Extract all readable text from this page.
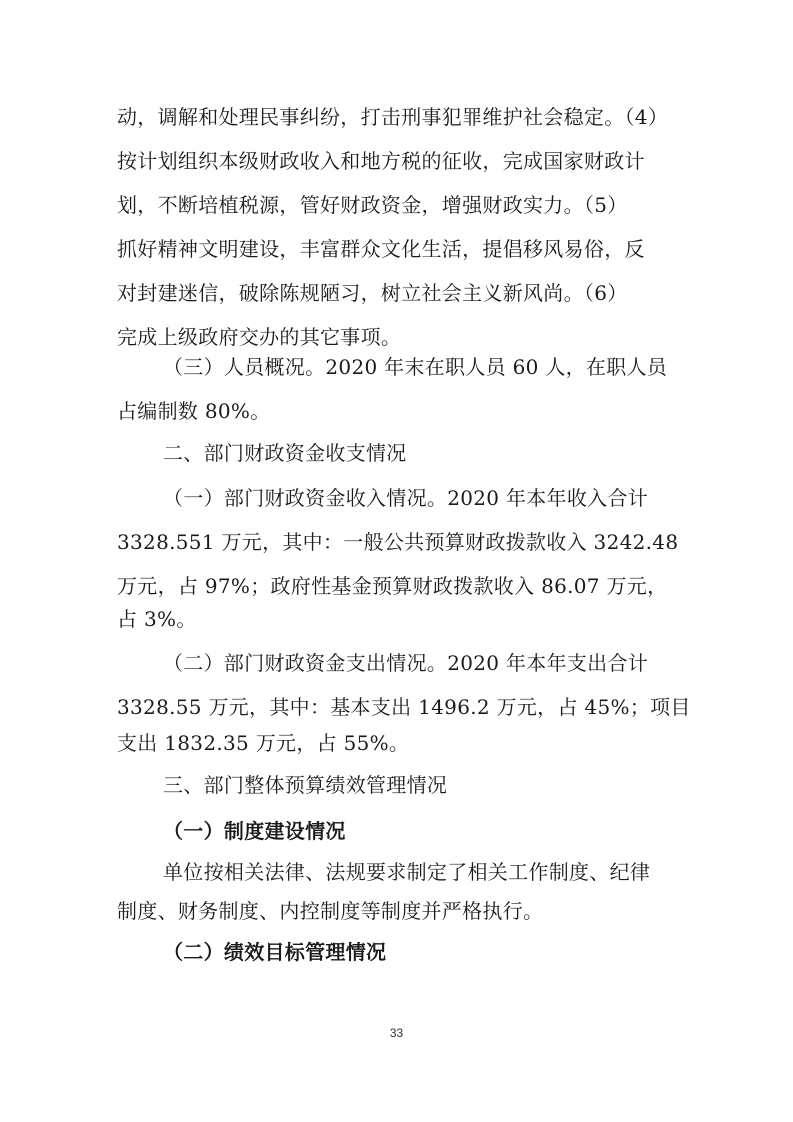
动，调解和处理民事纠纷，打击刑事犯罪维护社会稳定。（4）
按计划组织本级财政收入和地方税的征收，完成国家财政计
划，不断培植税源，管好财政资金，增强财政实力。（5）
抓好精神文明建设，丰富群众文化生活，提倡移风易俗，反
对封建迷信，破除陈规陋习，树立社会主义新风尚。（6）
完成上级政府交办的其它事项。
（三）人员概况。2020 年末在职人员 60 人，在职人员
占编制数 80%。
二、部门财政资金收支情况
（一）部门财政资金收入情况。2020 年本年收入合计
3328.551 万元，其中：一般公共预算财政拨款收入 3242.48
万元，占 97%；政府性基金预算财政拨款收入 86.07 万元，
占 3%。
（二）部门财政资金支出情况。2020 年本年支出合计
3328.55 万元，其中：基本支出 1496.2 万元，占 45%；项目
支出 1832.35 万元，占 55%。
三、部门整体预算绩效管理情况
（一）制度建设情况
单位按相关法律、法规要求制定了相关工作制度、纪律
制度、财务制度、内控制度等制度并严格执行。
（二）绩效目标管理情况
33
